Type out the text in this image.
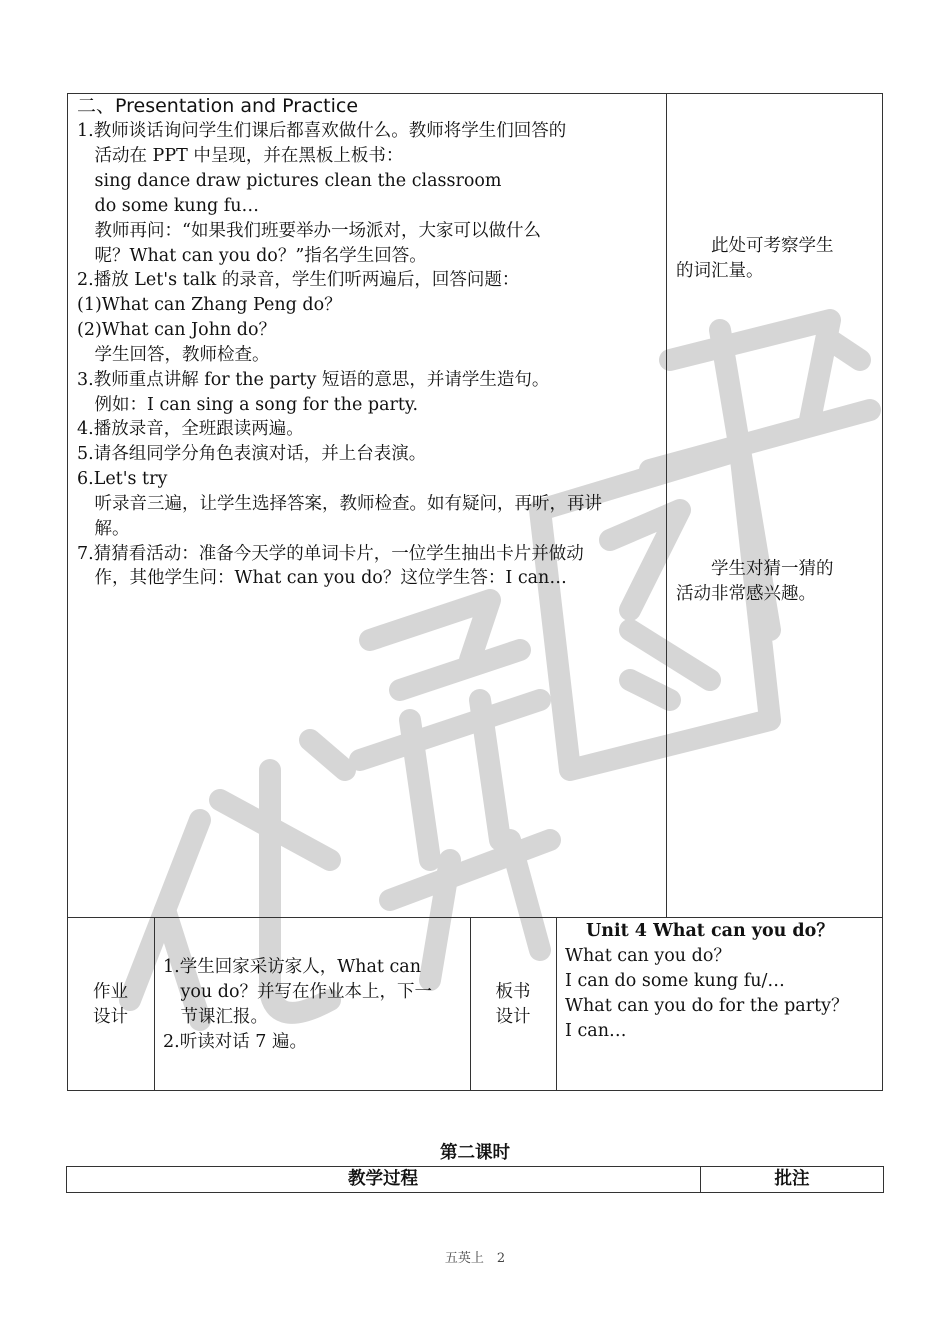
二、Presentation and Practice
1.教师谈话询问学生们课后都喜欢做什么。教师将学生们回答的
　活动在 PPT 中呈现，并在黑板上板书：
　sing dance draw pictures clean the classroom
　do some kung fu…
　教师再问：“如果我们班要举办一场派对，大家可以做什么
　呢？What can you do？”指名学生回答。
2.播放 Let's talk 的录音，学生们听两遍后，回答问题：
(1)What can Zhang Peng do？
(2)What can John do？
　学生回答，教师检查。
3.教师重点讲解 for the party 短语的意思，并请学生造句。
　例如：I can sing a song for the party.
4.播放录音，全班跟读两遍。
5.请各组同学分角色表演对话，并上台表演。
6.Let's try
　听录音三遍，让学生选择答案，教师检查。如有疑问，再听，再讲
　解。
7.猜猜看活动：准备今天学的单词卡片，一位学生抽出卡片并做动
　作，其他学生问：What can you do？这位学生答：I can…
　　此处可考察学生
的词汇量。
　　学生对猜一猜的
活动非常感兴趣。
作业
设计
1.学生回家采访家人，What can
　you do？并写在作业本上，下一
　节课汇报。
2.听读对话 7 遍。
板书
设计
Unit 4 What can you do？
What can you do？
I can do some kung fu/…
What can you do for the party？
I can…
第二课时
教学过程	批注
五英上　2
